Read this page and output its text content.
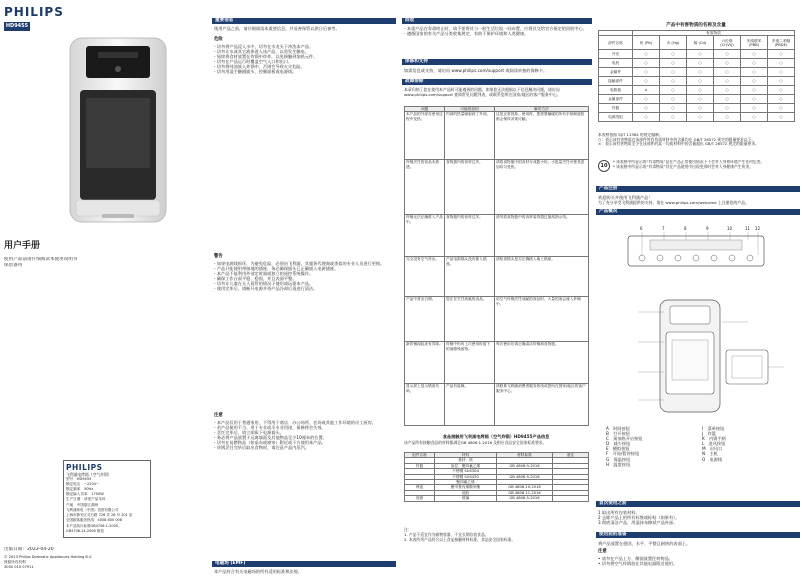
PHILIPS
HD9455
用户手册
使用产品前请仔细阅读本使用说明书
保留备用
出版日期：2023-04-20
© 2023 Philips Domestic Appliances Holding B.V.
保留所有权利
3000 010 07911
PHILIPS
飞利浦电烤箱（空气炸锅）
型号　 HD9455
额定电压　 ~220V~
额定频率　 50Hz
额定输入功率　 1700W
生产日期　 请见产品本体
产地　 中国浙江湖州
飞利浦家电（中国）投资有限公司
上海市静安区灵石路 726 弄 28 号 201 室
全国顾客服务热线：4008 800 008
本产品执行标准GB4706.1-2005,
GB4706.14-2008 制造
重要信息
使用产品之前，请仔细阅读本重要信息，并妥善保管以供日后参考。
危险
- 切勿将产品浸入水中，切勿在水龙头下冲洗本产品。
- 切勿让水或其它液体进入该产品，以免发生触电。
- 始终将食材放置在炸锅中炸炸，以免接触到加热元件。
- 切勿在产品运行时覆盖空气入口和出口。
- 切勿将纯油放入炸锅中，否则会导致火灾危险。
- 切勿用湿手触摸插头、控制面板或电源线。
警告
- 如果电源线损坏，为避免危险，必须由飞利浦、其服务代理商或类似的专业人员进行更换。
- 产品只能使用带接地的插座，务必确保插头已正确插入电源插座。
- 本产品不能利用外部定时器或独立的遥控系统操作。
- 确保工作台面平稳、稳固，并且表面平整。
- 切勿让儿童在无人看管的情况下使用或玩耍本产品。
- 使用完毕后，请断开电源并待产品冷却后再进行清洁。
注意
- 本产品仅用于普通家用，不得用于商店、办公场所、农场或其他工作环境的员工厨房。
- 若产品使用不当、用于专业或半专业用途，保修将会失效。
- 烹饪完毕后，请立即拔下电源插头。
- 务必将产品放置于远离墙面及其他物品至少10厘米的位置。
- 切勿在易燃物品（如桌布或窗帘）附近或下方使用本产品。
- 炸锅烹饪完毕后取出食物时，请注意产品内蒸汽。
电磁场 (EMF)
本产品符合有关电磁场的所有适用标准和法规。
回收
- 本重产品在寿命终止时，请不要将其与一般生活垃圾一同弃置，应将其交给官方指定的回收中心。
- 遵循国家的有关产品分类收集规定，有助于保护环境和人类健康。
保修和支持
如需信息或支持，请访问 www.philips.com/support 或阅读单独的保修卡。
故障排除
本章归纳了您在使用本产品时可能遇到的问题。如果您无法根据以下信息解决问题，请访问 www.philips.com/support 查阅常见问题列表，或联系您所在国家/地区的客户服务中心。
问题	可能的原因	解决方法
本产品的外部在使用过程中变热。	内部的热量辐射到了外部。	这是正常现象。使用时，您需要触碰的所有手柄和旋钮都会保持凉爽可触。
炸锅烹饪的食品未熟透。	食物篮内的食材过多。	请将食物篮中的食材分成数小份。小批量烹饪可使其更加均匀受热。
炸锅无法正确推入产品中。	食物篮内的食材过多。	请勿将食物篮中的食材装得超过最高指示线。
完全没有空气炸出。	产品电源插头没有插入插座。	请检查插头是否正确插入墙上插座。
产品中冒出白烟。	您正在烹饪油腻的食品。	用空气炸锅烹饪油腻的食品时，大量的油会流入炸锅中。
新炸锅闻起来有异味。	炸锅中仍有上次使用时留下的油脂残留物。	每次使用后请正确清洁炸锅和食物篮。
显示屏上显示错误代码。	产品有故障。	请联系飞利浦消费者服务热线或您所在国家/地区的客户服务中心。
食品接触用飞利浦电烤箱（空气炸锅）HD9455产品信息
该产品所有接触食品的材料都满足GB 4806.1-2016 及相应食品安全国家标准要求。
组件名称	材料	材料标准	备注
	基材：铁		
炸篮	涂层：聚四氟乙烯	GB 4806.9-2016	
	不锈钢 SUS304		
	不锈钢 SUS430	GB 4806.9-2016	
	聚四氟乙烯		
烤盘	聚甲基丙烯酸甲酯	GB 4806.10-2016	
	硅胶	GB 4806.11-2016	
视窗	玻璃	GB 4806.5-2016	
注：
1. 产品不适宜作为储物容器，不宜长期存放食品。
2. 本表所列产品符合以上食品接触材料标准，食品安全国家标准。
产品中有害物质的名称及含量
	有害物质					
部件名称	铅 (Pb)	汞 (Hg)	镉 (Cd)	六价铬 (Cr(VI))	多溴联苯 (PBB)	多溴二苯醚 (PBDE)
外壳	○	○	○	○	○	○
电机	○	○	○	○	○	○
金属件	○	○	○	○	○	○
接触部件	○	○	○	○	○	○
电路板	×	○	○	○	○	○
金属部件	○	○	○	○	○	○
炸篮	○	○	○	○	○	○
电源线组	○	○	○	○	○	○
本表格依据 SJ/T 11364 的规定编制。
○：表示该有害物质在该部件所有均质材料中的含量均在 GB/T 26572 规定的限量要求以下。
×：表示该有害物质至少在该部件的某一均质材料中的含量超出 GB/T 26572 规定的限量要求。
10
* 该表格中所显示的“有毒物质”是在产品正常使用情况下不会对人身和环境产生任何危害。
* 该表格中所显示的“有毒物质”其在产品使用中出现变形时会对人身健康产生伤害。
产品注册
欢迎购买并使用飞利浦产品！
为了充分享受飞利浦提供的支持，请在 www.philips.com/welcome 上注册您的产品。
产品概况
6	7	8	9	10	11 12
A　 时间按钮
B　 打开按钮
C　 预加热开启按钮
D　 减少按钮
E　 模拟按钮
F　 开始/暂停按钮
G　 保温按钮
H　 温度按钮
I　 菜单按钮
J　 炸篮
K　 内锅手柄
L　 进风按钮
M　 出风口
N　 主机
O　 电源线
首次使用之前
1 取出所有包装材料。
2 去除产品上的所有标签或标贴（如果有）。
3 彻底清洁产品，用湿抹布擦拭产品外部。
使用前的准备
将产品放置在稳固、水平、平整且耐热的表面上。
注意
• 请勿在产品上方、侧面放置任何物品。
• 切勿将空气炸锅放在其他电器附近使用。
